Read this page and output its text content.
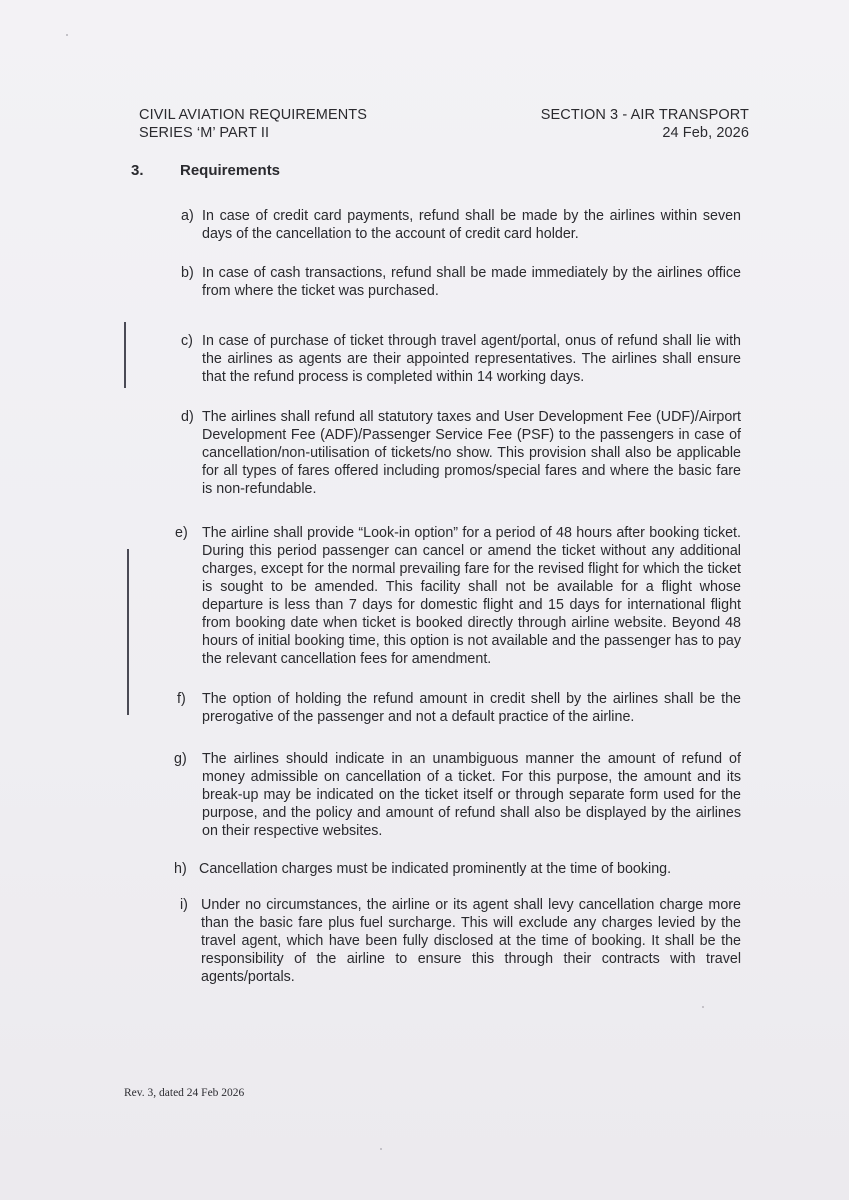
CIVIL AVIATION REQUIREMENTS
SERIES ‘M’ PART II
SECTION 3 - AIR TRANSPORT
24 Feb, 2026
3. Requirements
a) In case of credit card payments, refund shall be made by the airlines within seven days of the cancellation to the account of credit card holder.
b) In case of cash transactions, refund shall be made immediately by the airlines office from where the ticket was purchased.
c) In case of purchase of ticket through travel agent/portal, onus of refund shall lie with the airlines as agents are their appointed representatives. The airlines shall ensure that the refund process is completed within 14 working days.
d) The airlines shall refund all statutory taxes and User Development Fee (UDF)/Airport Development Fee (ADF)/Passenger Service Fee (PSF) to the passengers in case of cancellation/non-utilisation of tickets/no show. This provision shall also be applicable for all types of fares offered including promos/special fares and where the basic fare is non-refundable.
e) The airline shall provide “Look-in option” for a period of 48 hours after booking ticket. During this period passenger can cancel or amend the ticket without any additional charges, except for the normal prevailing fare for the revised flight for which the ticket is sought to be amended. This facility shall not be available for a flight whose departure is less than 7 days for domestic flight and 15 days for international flight from booking date when ticket is booked directly through airline website. Beyond 48 hours of initial booking time, this option is not available and the passenger has to pay the relevant cancellation fees for amendment.
f)	The option of holding the refund amount in credit shell by the airlines shall be the prerogative of the passenger and not a default practice of the airline.
g)	The airlines should indicate in an unambiguous manner the amount of refund of money admissible on cancellation of a ticket. For this purpose, the amount and its break-up may be indicated on the ticket itself or through separate form used for the purpose, and the policy and amount of refund shall also be displayed by the airlines on their respective websites.
h) Cancellation charges must be indicated prominently at the time of booking.
i) Under no circumstances, the airline or its agent shall levy cancellation charge more than the basic fare plus fuel surcharge. This will exclude any charges levied by the travel agent, which have been fully disclosed at the time of booking. It shall be the responsibility of the airline to ensure this through their contracts with travel agents/portals.
Rev. 3, dated 24 Feb 2026
